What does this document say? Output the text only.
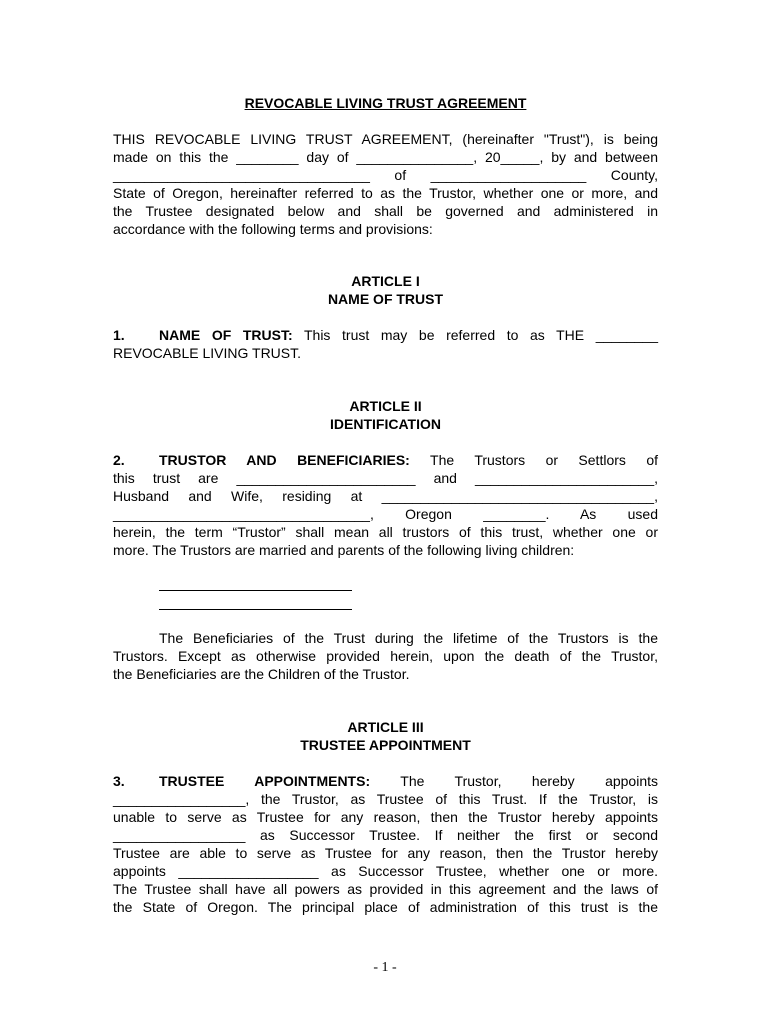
REVOCABLE LIVING TRUST AGREEMENT
THIS REVOCABLE LIVING TRUST AGREEMENT, (hereinafter "Trust"), is being
made on this the ________ day of _______________, 20_____, by and between
_________________________________ of ____________________ County,
State of Oregon, hereinafter referred to as the Trustor, whether one or more, and
the Trustee designated below and shall be governed and administered in
accordance with the following terms and provisions:
ARTICLE I
NAME OF TRUST
1. NAME OF TRUST: This trust may be referred to as THE ________
REVOCABLE LIVING TRUST.
ARTICLE II
IDENTIFICATION
2. TRUSTOR AND BENEFICIARIES: The Trustors or Settlors of
this trust are _______________________ and _______________________,
Husband and Wife, residing at ___________________________________,
_________________________________, Oregon ________. As used
herein, the term “Trustor” shall mean all trustors of this trust, whether one or
more. The Trustors are married and parents of the following living children:
The Beneficiaries of the Trust during the lifetime of the Trustors is the
Trustors. Except as otherwise provided herein, upon the death of the Trustor,
the Beneficiaries are the Children of the Trustor.
ARTICLE III
TRUSTEE APPOINTMENT
3. TRUSTEE APPOINTMENTS: The Trustor, hereby appoints
_________________, the Trustor, as Trustee of this Trust. If the Trustor, is
unable to serve as Trustee for any reason, then the Trustor hereby appoints
_________________ as Successor Trustee. If neither the first or second
Trustee are able to serve as Trustee for any reason, then the Trustor hereby
appoints __________________ as Successor Trustee, whether one or more.
The Trustee shall have all powers as provided in this agreement and the laws of
the State of Oregon. The principal place of administration of this trust is the
- 1 -
